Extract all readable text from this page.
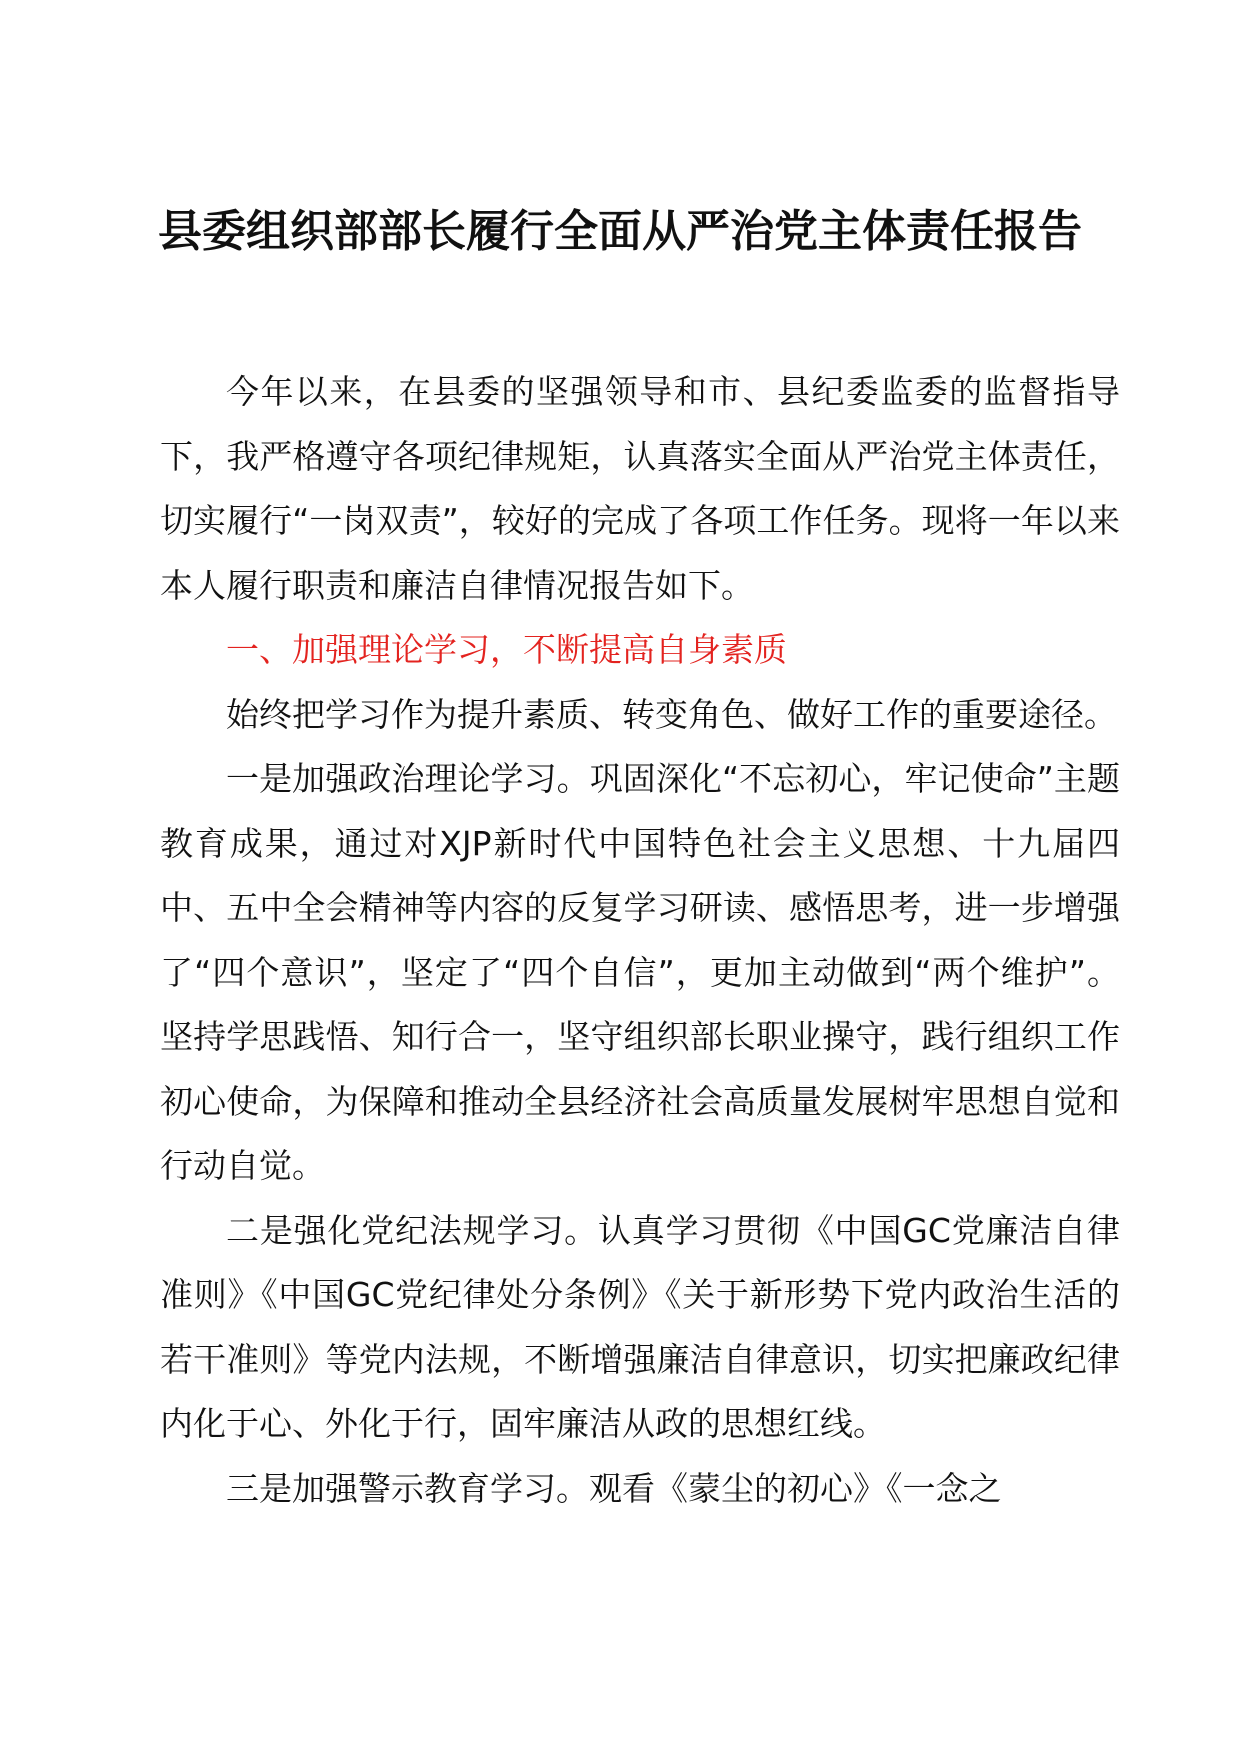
县委组织部部长履行全面从严治党主体责任报告

今年以来，在县委的坚强领导和市、县纪委监委的监督指导下，我严格遵守各项纪律规矩，认真落实全面从严治党主体责任，切实履行“一岗双责”，较好的完成了各项工作任务。现将一年以来本人履行职责和廉洁自律情况报告如下。

一、加强理论学习，不断提高自身素质

始终把学习作为提升素质、转变角色、做好工作的重要途径。

一是加强政治理论学习。巩固深化“不忘初心，牢记使命”主题教育成果，通过对XJP新时代中国特色社会主义思想、十九届四中、五中全会精神等内容的反复学习研读、感悟思考，进一步增强了“四个意识”，坚定了“四个自信”，更加主动做到“两个维护”。坚持学思践悟、知行合一，坚守组织部长职业操守，践行组织工作初心使命，为保障和推动全县经济社会高质量发展树牢思想自觉和行动自觉。

二是强化党纪法规学习。认真学习贯彻《中国GC党廉洁自律准则》《中国GC党纪律处分条例》《关于新形势下党内政治生活的若干准则》等党内法规，不断增强廉洁自律意识，切实把廉政纪律内化于心、外化于行，固牢廉洁从政的思想红线。

三是加强警示教育学习。观看《蒙尘的初心》《一念之
